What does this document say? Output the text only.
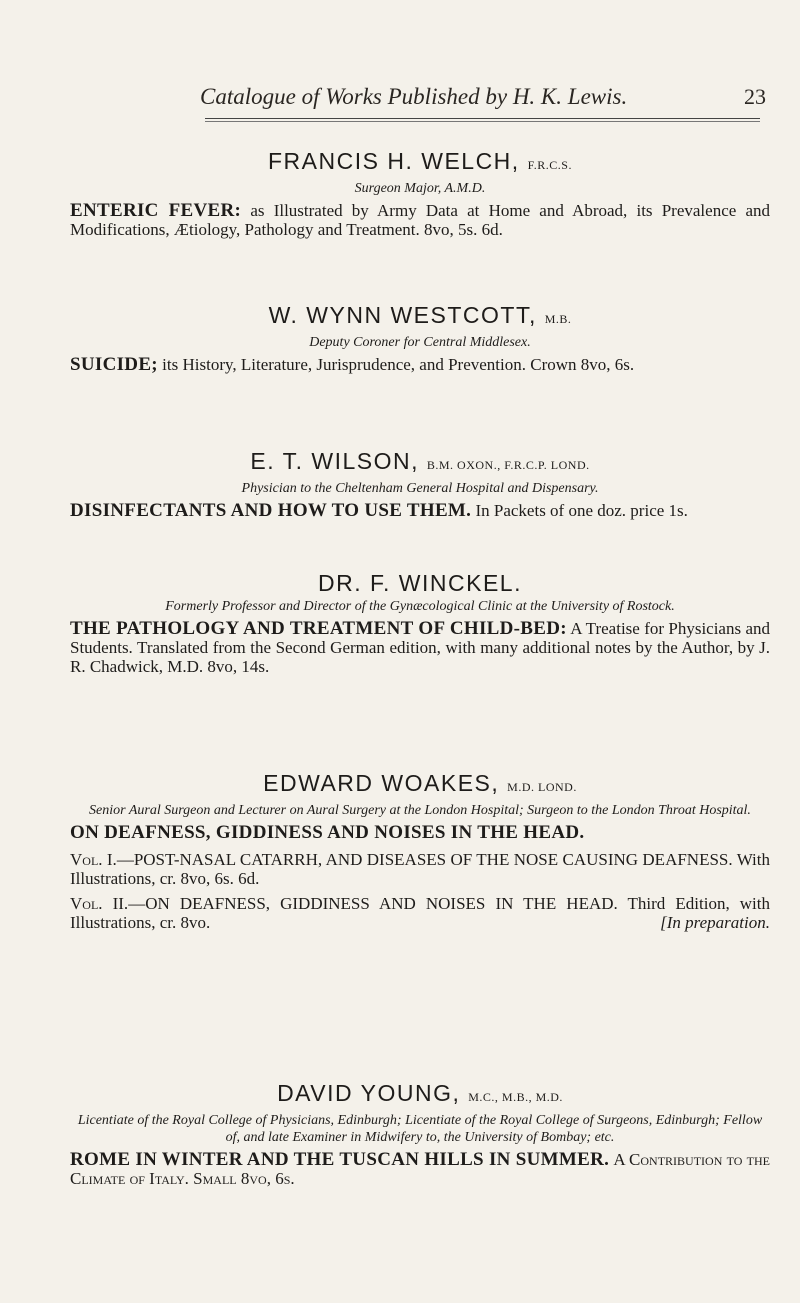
Catalogue of Works Published by H. K. Lewis.	23

FRANCIS H. WELCH, F.R.C.S.

Surgeon Major, A.M.D.

ENTERIC FEVER: as Illustrated by Army Data at Home and Abroad, its Prevalence and Modifications, Ætiology, Pathology and Treatment. 8vo, 5s. 6d.

W. WYNN WESTCOTT, M.B.

Deputy Coroner for Central Middlesex.

SUICIDE; its History, Literature, Jurisprudence, and Prevention. Crown 8vo, 6s.

E. T. WILSON, B.M. OXON., F.R.C.P. LOND.

Physician to the Cheltenham General Hospital and Dispensary.

DISINFECTANTS AND HOW TO USE THEM. In Packets of one doz. price 1s.

DR. F. WINCKEL.

Formerly Professor and Director of the Gynæcological Clinic at the University of Rostock.

THE PATHOLOGY AND TREATMENT OF CHILD-BED: A Treatise for Physicians and Students. Translated from the Second German edition, with many additional notes by the Author, by J. R. Chadwick, M.D. 8vo, 14s.

EDWARD WOAKES, M.D. LOND.

Senior Aural Surgeon and Lecturer on Aural Surgery at the London Hospital; Surgeon to the London Throat Hospital.

ON DEAFNESS, GIDDINESS AND NOISES IN THE HEAD.

Vol. I.—POST-NASAL CATARRH, AND DISEASES OF THE NOSE CAUSING DEAFNESS. With Illustrations, cr. 8vo, 6s. 6d.

Vol. II.—ON DEAFNESS, GIDDINESS AND NOISES IN THE HEAD. Third Edition, with Illustrations, cr. 8vo.	[In preparation.

DAVID YOUNG, M.C., M.B., M.D.

Licentiate of the Royal College of Physicians, Edinburgh; Licentiate of the Royal College of Surgeons, Edinburgh; Fellow of, and late Examiner in Midwifery to, the University of Bombay; etc.

ROME IN WINTER AND THE TUSCAN HILLS IN SUMMER. A Contribution to the Climate of Italy. Small 8vo, 6s.
